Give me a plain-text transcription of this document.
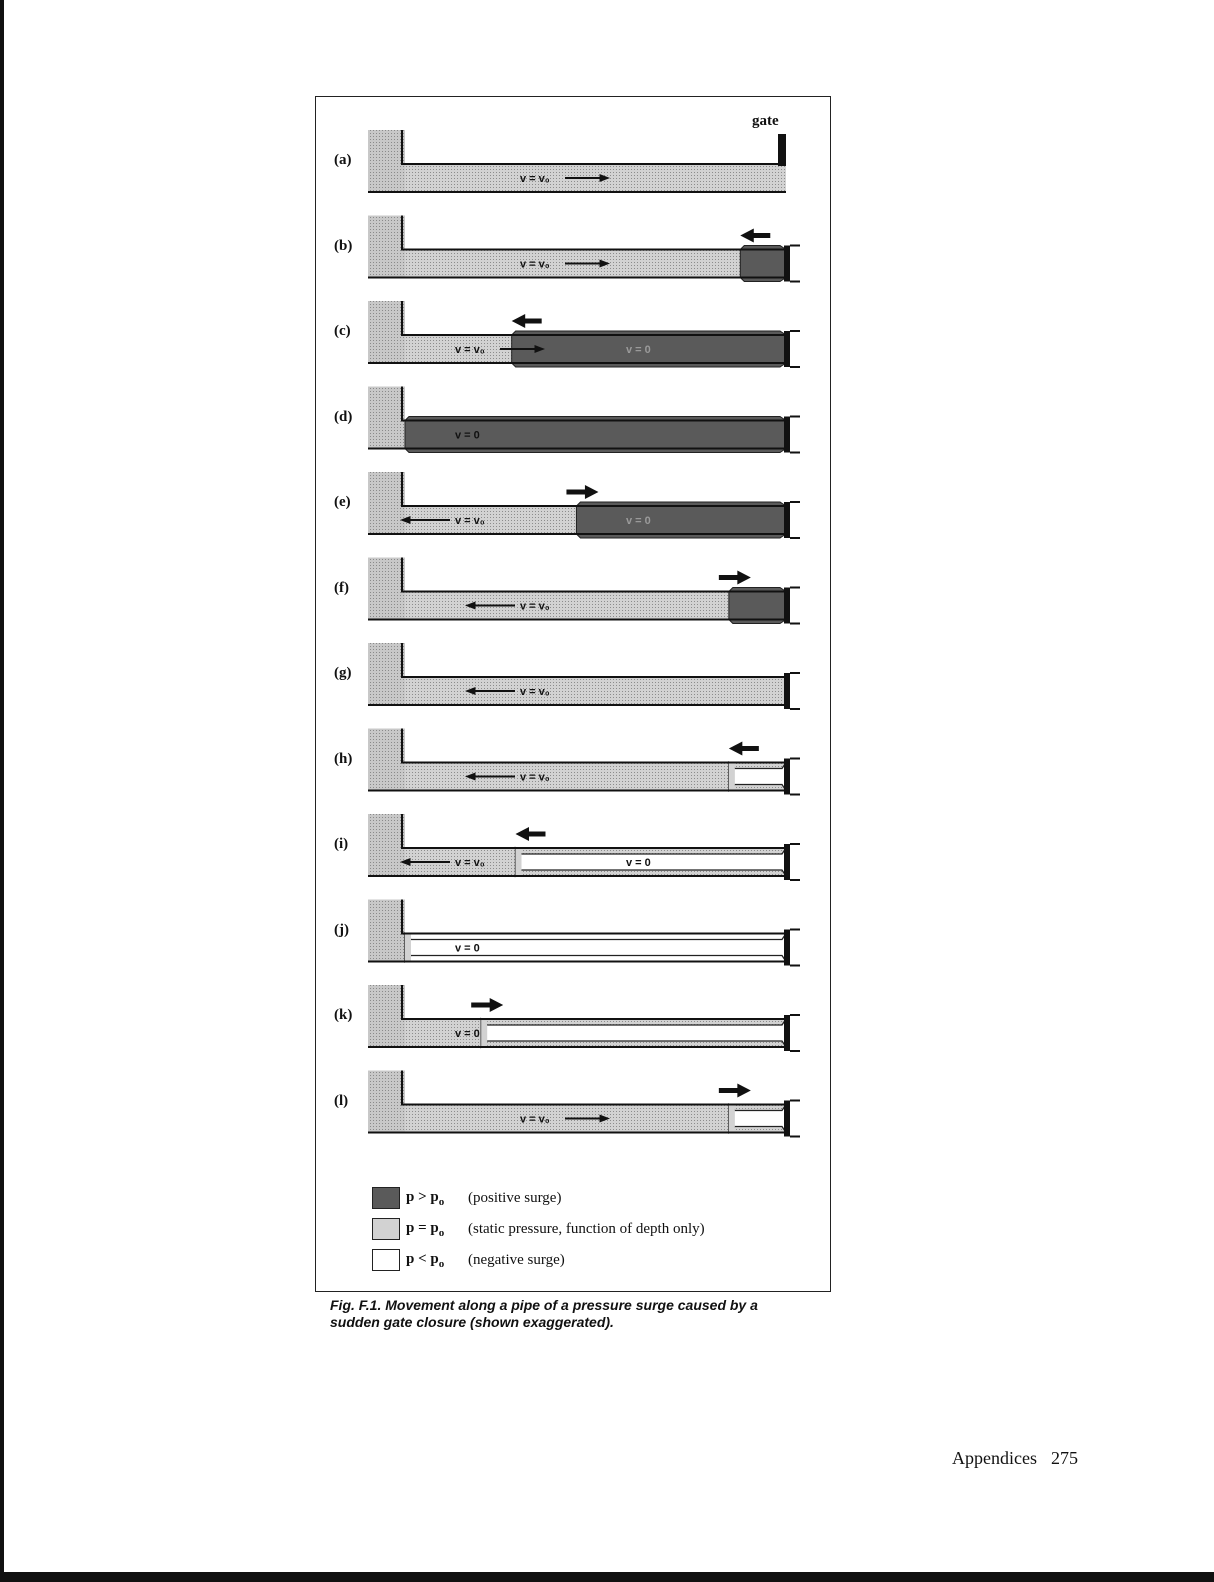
v = v₀
v = v₀
v = v₀	v = 0
v = 0
v = v₀	v = 0
v = v₀
v = v₀
v = v₀
v = v₀	v = 0
v = 0
v = 0
v = v₀
(a)
(b)
(c)
(d)
(e)
(f)
(g)
(h)
(i)
(j)
(k)
(l)
gate
$p > p_o$	(positive surge)
$p = p_o$	(static pressure, function of depth only)
$p < p_o$	(negative surge)
Fig. F.1. Movement along a pipe of a pressure surge caused by a sudden gate closure (shown exaggerated).
Appendices 275
